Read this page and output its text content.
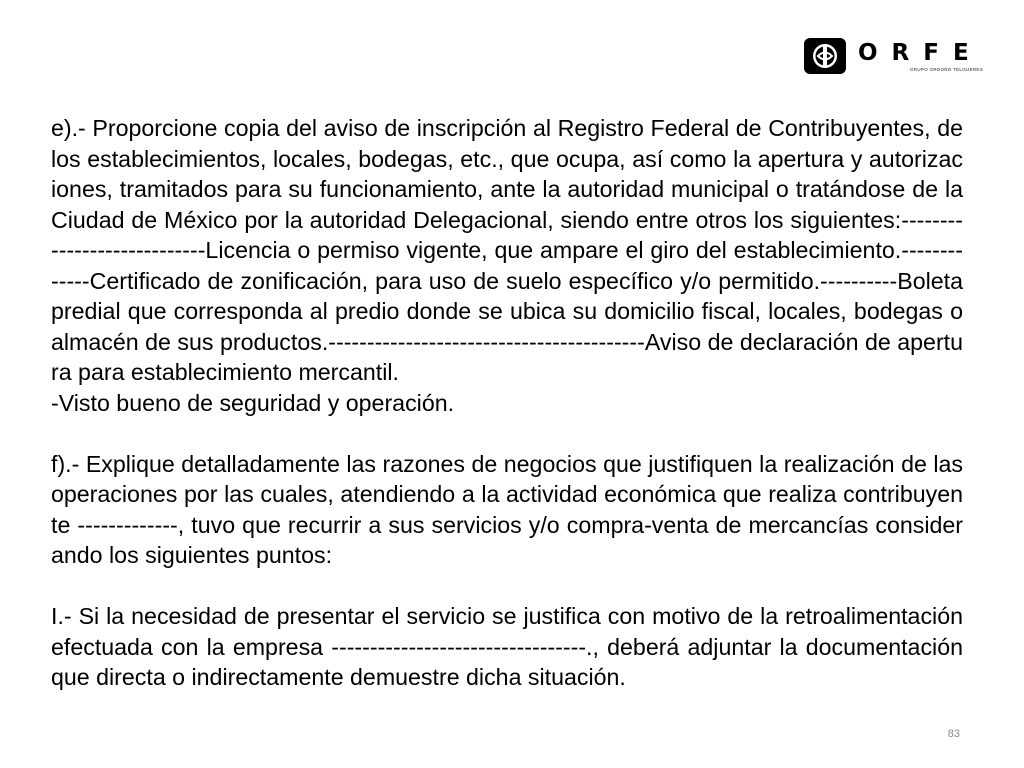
ORFE
GRUPO ORDOÑO TELGUERES

e).- Proporcione copia del aviso de inscripción al Registro Federal de Contribuyentes, de los establecimientos, locales, bodegas, etc., que ocupa, así como la apertura y autorizaciones, tramitados para su funcionamiento, ante la autoridad municipal o tratándose de la Ciudad de México por la autoridad Delegacional, siendo entre otros los siguientes:----------------------------Licencia o permiso vigente, que ampare el giro del establecimiento.-------------Certificado de zonificación, para uso de suelo específico y/o permitido.----------Boleta predial que corresponda al predio donde se ubica su domicilio fiscal, locales, bodegas o almacén de sus productos.-----------------------------------------Aviso de declaración de apertura para establecimiento mercantil.

-Visto bueno de seguridad y operación.

f).- Explique detalladamente las razones de negocios que justifiquen la realización de las operaciones por las cuales, atendiendo a la actividad económica que realiza contribuyente -------------, tuvo que recurrir a sus servicios y/o compra-venta de mercancías considerando los siguientes puntos:

I.- Si la necesidad de presentar el servicio se justifica con motivo de la retroalimentación efectuada con la empresa ---------------------------------., deberá adjuntar la documentación que directa o indirectamente demuestre dicha situación.

83
